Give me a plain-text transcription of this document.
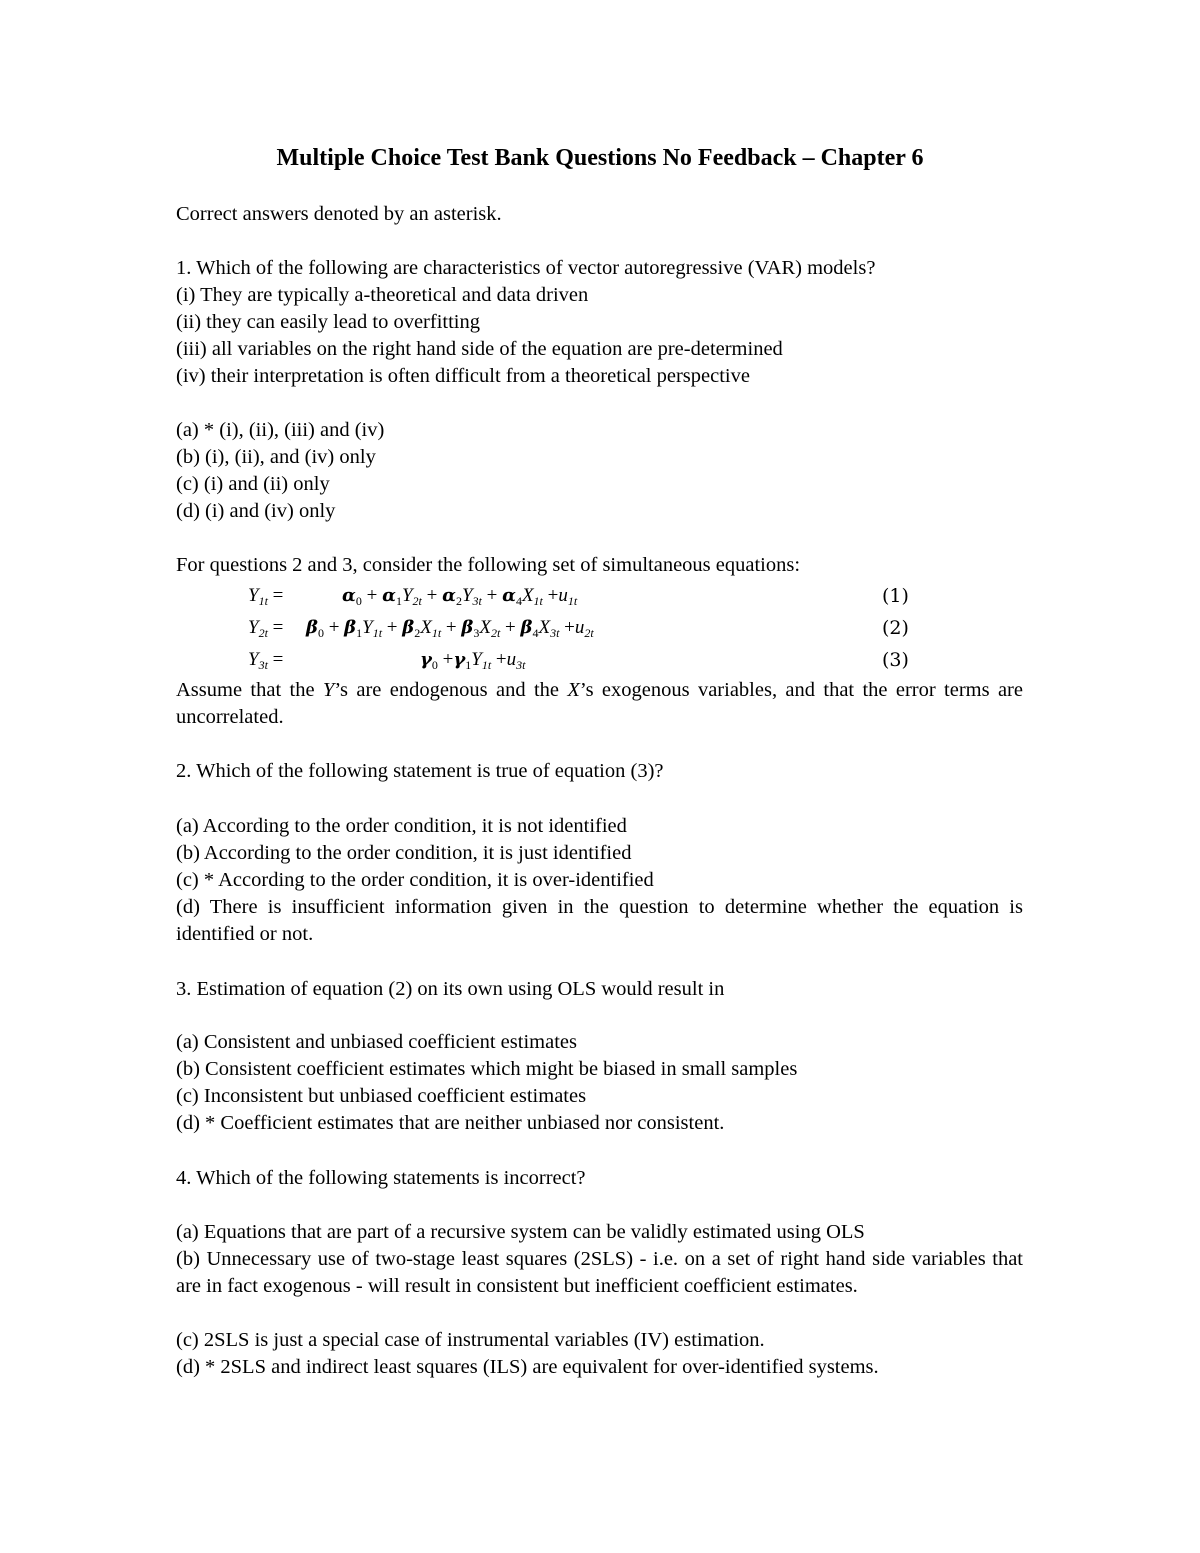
Multiple Choice Test Bank Questions No Feedback – Chapter 6
Correct answers denoted by an asterisk.
1. Which of the following are characteristics of vector autoregressive (VAR) models?
(i) They are typically a-theoretical and data driven
(ii) they can easily lead to overfitting
(iii) all variables on the right hand side of the equation are pre-determined
(iv) their interpretation is often difficult from a theoretical perspective
(a) * (i), (ii), (iii) and (iv)
(b) (i), (ii), and (iv) only
(c) (i) and (ii) only
(d) (i) and (iv) only
For questions 2 and 3, consider the following set of simultaneous equations:
$Y_{1t}$ =	$\alpha_0 + \alpha_1Y_{2t} + \alpha_2Y_{3t} + \alpha_4X_{1t} +u_{1t}$	(1)
$Y_{2t} = \beta_0 + \beta_1Y_{1t} + \beta_2X_{1t} + \beta_3X_{2t} + \beta_4X_{3t} +u_{2t}$	(2)
$Y_{3t}$ =	$\gamma_0 +\gamma_1Y_{1t} +u_{3t}$	(3)
Assume that the Y’s are endogenous and the X’s exogenous variables, and that the error terms are uncorrelated.
2. Which of the following statement is true of equation (3)?
(a) According to the order condition, it is not identified
(b) According to the order condition, it is just identified
(c) * According to the order condition, it is over-identified
(d) There is insufficient information given in the question to determine whether the equation is identified or not.
3. Estimation of equation (2) on its own using OLS would result in
(a) Consistent and unbiased coefficient estimates
(b) Consistent coefficient estimates which might be biased in small samples
(c) Inconsistent but unbiased coefficient estimates
(d) * Coefficient estimates that are neither unbiased nor consistent.
4. Which of the following statements is incorrect?
(a) Equations that are part of a recursive system can be validly estimated using OLS
(b) Unnecessary use of two-stage least squares (2SLS) - i.e. on a set of right hand side variables that are in fact exogenous - will result in consistent but inefficient coefficient estimates.
(c) 2SLS is just a special case of instrumental variables (IV) estimation.
(d) * 2SLS and indirect least squares (ILS) are equivalent for over-identified systems.
